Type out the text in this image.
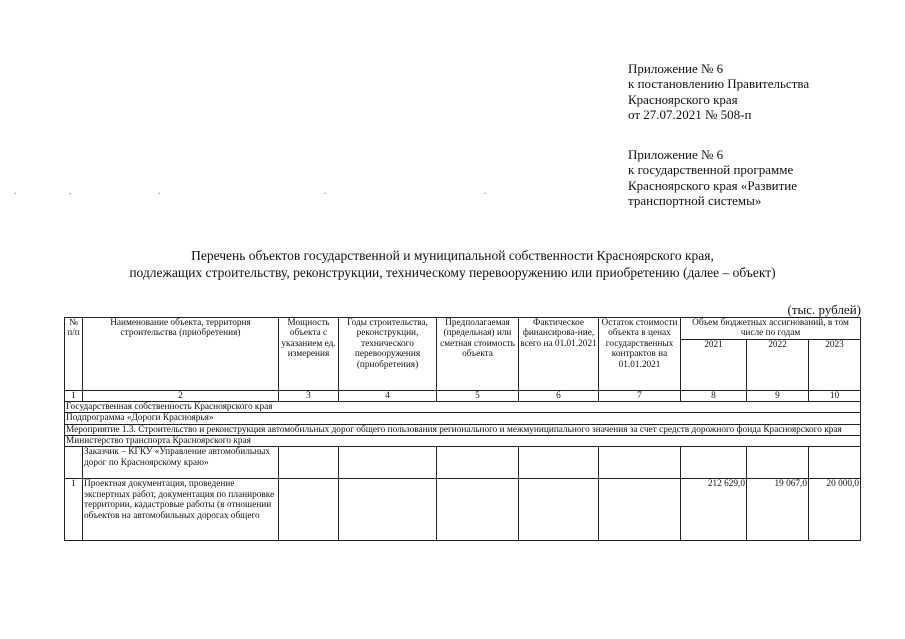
Приложение № 6
к постановлению Правительства
Красноярского края
от 27.07.2021 № 508-п
Приложение № 6
к государственной программе
Красноярского края «Развитие
транспортной системы»
.	.	.	.	.
Перечень объектов государственной и муниципальной собственности Красноярского края,
подлежащих строительству, реконструкции, техническому перевооружению или приобретению (далее – объект)
(тыс. рублей)
№ п/п	Наименование объекта, территория строительства (приобретения)	Мощность объекта с указанием ед. измерения	Годы строительства, реконструкции, технического перевооружения (приобретения)	Предполагаемая (предельная) или сметная стоимость объекта	Фактическое финансирова-ние, всего на 01.01.2021	Остаток стоимости объекта в ценах государственных контрактов на 01.01.2021	Объем бюджетных ассигнований, в том числе по годам		
							2021	2022	2023
1	2	3	4	5	6	7	8	9	10
Государственная собственность Красноярского края									
Подпрограмма «Дороги Красноярья»									
Мероприятие 1.3. Строительство и реконструкция автомобильных дорог общего пользования регионального и межмуниципального значения за счет средств дорожного фонда Красноярского края									
Министерство транспорта Красноярского края									
	Заказчик – КГКУ «Управление автомобильных дорог по Красноярскому краю»								
1	Проектная документация, проведение экспертных работ, документация по планировке территории, кадастровые работы (в отношении объектов на автомобильных дорогах общего						212 629,0	19 067,0	20 000,0
